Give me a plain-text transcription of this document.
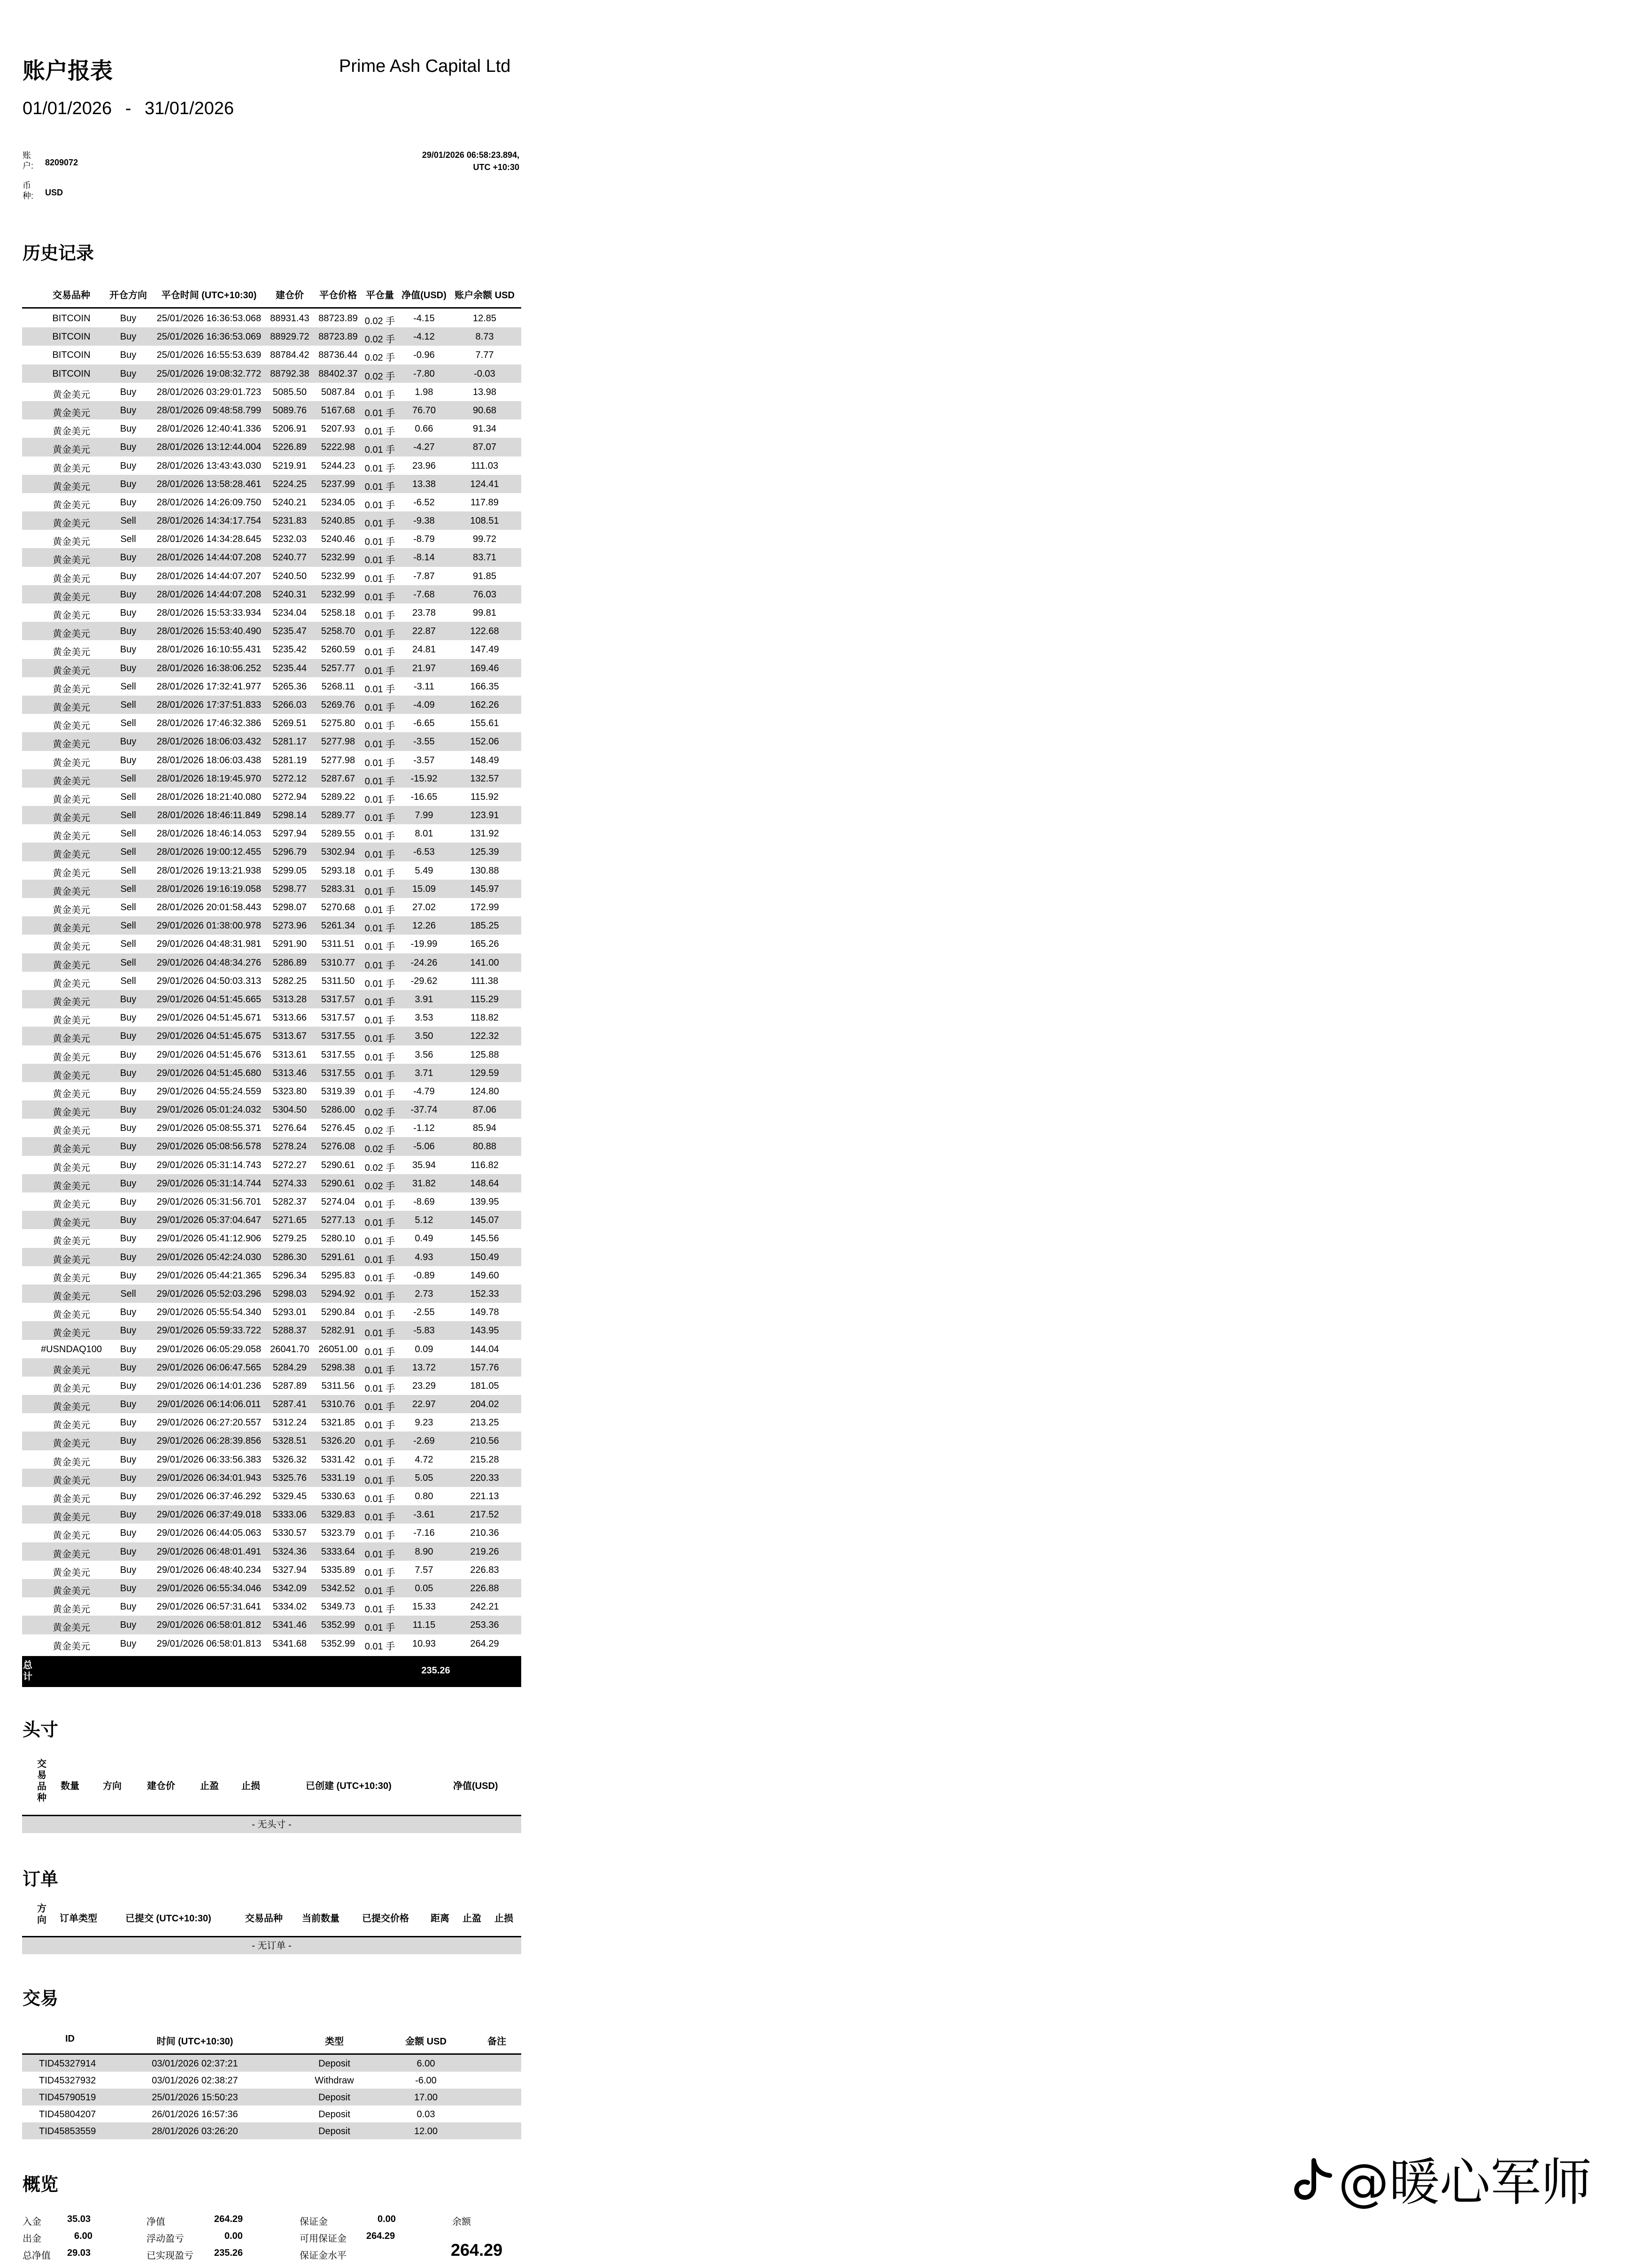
账户报表	Prime Ash Capital Ltd
01/01/2026 - 31/01/2026
账户: 8209072
币种: USD
29/01/2026 06:58:23.894,
UTC +10:30
历史记录
交易品种 开仓方向 平仓时间 (UTC+10:30) 建仓价 平仓价格 平仓量 净值(USD) 账户余额 USD
BITCOIN	Buy 25/01/2026 16:36:53.068 88931.43 88723.89 0.02 手 -4.15	12.85
BITCOIN	Buy 25/01/2026 16:36:53.069 88929.72 88723.89 0.02 手 -4.12	8.73
BITCOIN	Buy 25/01/2026 16:55:53.639 88784.42 88736.44 0.02 手 -0.96	7.77
BITCOIN	Buy 25/01/2026 19:08:32.772 88792.38 88402.37 0.02 手 -7.80	-0.03
黄金美元	Buy 28/01/2026 03:29:01.723 5085.50 5087.84 0.01 手 1.98	13.98
黄金美元	Buy 28/01/2026 09:48:58.799 5089.76 5167.68 0.01 手 76.70	90.68
黄金美元	Buy 28/01/2026 12:40:41.336 5206.91 5207.93 0.01 手 0.66	91.34
黄金美元	Buy 28/01/2026 13:12:44.004 5226.89 5222.98 0.01 手 -4.27	87.07
黄金美元	Buy 28/01/2026 13:43:43.030 5219.91 5244.23 0.01 手 23.96	111.03
黄金美元	Buy 28/01/2026 13:58:28.461 5224.25 5237.99 0.01 手 13.38	124.41
黄金美元	Buy 28/01/2026 14:26:09.750 5240.21 5234.05 0.01 手 -6.52	117.89
黄金美元	Sell 28/01/2026 14:34:17.754 5231.83 5240.85 0.01 手 -9.38	108.51
黄金美元	Sell 28/01/2026 14:34:28.645 5232.03 5240.46 0.01 手 -8.79	99.72
黄金美元	Buy 28/01/2026 14:44:07.208 5240.77 5232.99 0.01 手 -8.14	83.71
黄金美元	Buy 28/01/2026 14:44:07.207 5240.50 5232.99 0.01 手 -7.87	91.85
黄金美元	Buy 28/01/2026 14:44:07.208 5240.31 5232.99 0.01 手 -7.68	76.03
黄金美元	Buy 28/01/2026 15:53:33.934 5234.04 5258.18 0.01 手 23.78	99.81
黄金美元	Buy 28/01/2026 15:53:40.490 5235.47 5258.70 0.01 手 22.87	122.68
黄金美元	Buy 28/01/2026 16:10:55.431 5235.42 5260.59 0.01 手 24.81	147.49
黄金美元	Buy 28/01/2026 16:38:06.252 5235.44 5257.77 0.01 手 21.97	169.46
黄金美元	Sell 28/01/2026 17:32:41.977 5265.36 5268.11 0.01 手 -3.11	166.35
黄金美元	Sell 28/01/2026 17:37:51.833 5266.03 5269.76 0.01 手 -4.09	162.26
黄金美元	Sell 28/01/2026 17:46:32.386 5269.51 5275.80 0.01 手 -6.65	155.61
黄金美元	Buy 28/01/2026 18:06:03.432 5281.17 5277.98 0.01 手 -3.55	152.06
黄金美元	Buy 28/01/2026 18:06:03.438 5281.19 5277.98 0.01 手 -3.57	148.49
黄金美元	Sell 28/01/2026 18:19:45.970 5272.12 5287.67 0.01 手 -15.92	132.57
黄金美元	Sell 28/01/2026 18:21:40.080 5272.94 5289.22 0.01 手 -16.65	115.92
黄金美元	Sell 28/01/2026 18:46:11.849 5298.14 5289.77 0.01 手 7.99	123.91
黄金美元	Sell 28/01/2026 18:46:14.053 5297.94 5289.55 0.01 手 8.01	131.92
黄金美元	Sell 28/01/2026 19:00:12.455 5296.79 5302.94 0.01 手 -6.53	125.39
黄金美元	Sell 28/01/2026 19:13:21.938 5299.05 5293.18 0.01 手 5.49	130.88
黄金美元	Sell 28/01/2026 19:16:19.058 5298.77 5283.31 0.01 手 15.09	145.97
黄金美元	Sell 28/01/2026 20:01:58.443 5298.07 5270.68 0.01 手 27.02	172.99
黄金美元	Sell 29/01/2026 01:38:00.978 5273.96 5261.34 0.01 手 12.26	185.25
黄金美元	Sell 29/01/2026 04:48:31.981 5291.90 5311.51 0.01 手 -19.99	165.26
黄金美元	Sell 29/01/2026 04:48:34.276 5286.89 5310.77 0.01 手 -24.26	141.00
黄金美元	Sell 29/01/2026 04:50:03.313 5282.25 5311.50 0.01 手 -29.62	111.38
黄金美元	Buy 29/01/2026 04:51:45.665 5313.28 5317.57 0.01 手 3.91	115.29
黄金美元	Buy 29/01/2026 04:51:45.671 5313.66 5317.57 0.01 手 3.53	118.82
黄金美元	Buy 29/01/2026 04:51:45.675 5313.67 5317.55 0.01 手 3.50	122.32
黄金美元	Buy 29/01/2026 04:51:45.676 5313.61 5317.55 0.01 手 3.56	125.88
黄金美元	Buy 29/01/2026 04:51:45.680 5313.46 5317.55 0.01 手 3.71	129.59
黄金美元	Buy 29/01/2026 04:55:24.559 5323.80 5319.39 0.01 手 -4.79	124.80
黄金美元	Buy 29/01/2026 05:01:24.032 5304.50 5286.00 0.02 手 -37.74	87.06
黄金美元	Buy 29/01/2026 05:08:55.371 5276.64 5276.45 0.02 手 -1.12	85.94
黄金美元	Buy 29/01/2026 05:08:56.578 5278.24 5276.08 0.02 手 -5.06	80.88
黄金美元	Buy 29/01/2026 05:31:14.743 5272.27 5290.61 0.02 手 35.94	116.82
黄金美元	Buy 29/01/2026 05:31:14.744 5274.33 5290.61 0.02 手 31.82	148.64
黄金美元	Buy 29/01/2026 05:31:56.701 5282.37 5274.04 0.01 手 -8.69	139.95
黄金美元	Buy 29/01/2026 05:37:04.647 5271.65 5277.13 0.01 手 5.12	145.07
黄金美元	Buy 29/01/2026 05:41:12.906 5279.25 5280.10 0.01 手 0.49	145.56
黄金美元	Buy 29/01/2026 05:42:24.030 5286.30 5291.61 0.01 手 4.93	150.49
黄金美元	Buy 29/01/2026 05:44:21.365 5296.34 5295.83 0.01 手 -0.89	149.60
黄金美元	Sell 29/01/2026 05:52:03.296 5298.03 5294.92 0.01 手 2.73	152.33
黄金美元	Buy 29/01/2026 05:55:54.340 5293.01 5290.84 0.01 手 -2.55	149.78
黄金美元	Buy 29/01/2026 05:59:33.722 5288.37 5282.91 0.01 手 -5.83	143.95
#USNDAQ100 Buy 29/01/2026 06:05:29.058 26041.70 26051.00 0.01 手 0.09	144.04
黄金美元	Buy 29/01/2026 06:06:47.565 5284.29 5298.38 0.01 手 13.72	157.76
黄金美元	Buy 29/01/2026 06:14:01.236 5287.89 5311.56 0.01 手 23.29	181.05
黄金美元	Buy 29/01/2026 06:14:06.011 5287.41 5310.76 0.01 手 22.97	204.02
黄金美元	Buy 29/01/2026 06:27:20.557 5312.24 5321.85 0.01 手 9.23	213.25
黄金美元	Buy 29/01/2026 06:28:39.856 5328.51 5326.20 0.01 手 -2.69	210.56
黄金美元	Buy 29/01/2026 06:33:56.383 5326.32 5331.42 0.01 手 4.72	215.28
黄金美元	Buy 29/01/2026 06:34:01.943 5325.76 5331.19 0.01 手 5.05	220.33
黄金美元	Buy 29/01/2026 06:37:46.292 5329.45 5330.63 0.01 手 0.80	221.13
黄金美元	Buy 29/01/2026 06:37:49.018 5333.06 5329.83 0.01 手 -3.61	217.52
黄金美元	Buy 29/01/2026 06:44:05.063 5330.57 5323.79 0.01 手 -7.16	210.36
黄金美元	Buy 29/01/2026 06:48:01.491 5324.36 5333.64 0.01 手 8.90	219.26
黄金美元	Buy 29/01/2026 06:48:40.234 5327.94 5335.89 0.01 手 7.57	226.83
黄金美元	Buy 29/01/2026 06:55:34.046 5342.09 5342.52 0.01 手 0.05	226.88
黄金美元	Buy 29/01/2026 06:57:31.641 5334.02 5349.73 0.01 手 15.33	242.21
黄金美元	Buy 29/01/2026 06:58:01.812 5341.46 5352.99 0.01 手 11.15	253.36
黄金美元	Buy 29/01/2026 06:58:01.813 5341.68 5352.99 0.01 手 10.93	264.29
总计
235.26
头寸
交易品种
数量	方向	建仓价	止盈 止损	已创建 (UTC+10:30)	净值(USD)
- 无头寸 -
订单
方向 订单类型	已提交 (UTC+10:30)	交易品种 当前数量 已提交价格 距离 止盈 止损
- 无订单 -
交易
ID	时间 (UTC+10:30)	类型	金额 USD	备注
TID45327914	03/01/2026 02:37:21	Deposit	6.00
TID45327932	03/01/2026 02:38:27	Withdraw	-6.00
TID45790519	25/01/2026 15:50:23	Deposit	17.00
TID45804207	26/01/2026 16:57:36	Deposit	0.03
TID45853559	28/01/2026 03:26:20	Deposit	12.00
概览
入金	35.03
出金	6.00
总净值 29.03
净值	264.29
浮动盈亏	0.00
已实现盈亏 235.26
保证金	0.00
可用保证金 264.29
保证金水平
余额
264.29
@暖心军师
